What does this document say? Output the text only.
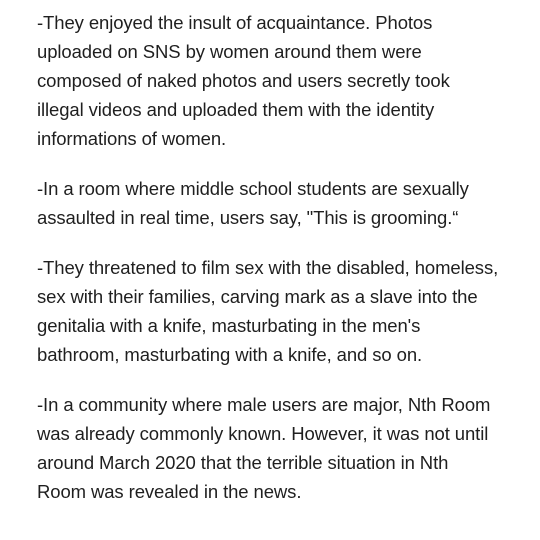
-They enjoyed the insult of acquaintance. Photos
uploaded on SNS by women around them were
composed of naked photos and users secretly took
illegal videos and uploaded them with the identity
informations of women.

-In a room where middle school students are sexually
assaulted in real time, users say, "This is grooming.“

-They threatened to film sex with the disabled, homeless,
sex with their families, carving mark as a slave into the
genitalia with a knife, masturbating in the men's
bathroom, masturbating with a knife, and so on.

-In a community where male users are major, Nth Room
was already commonly known. However, it was not until
around March 2020 that the terrible situation in Nth
Room was revealed in the news.
